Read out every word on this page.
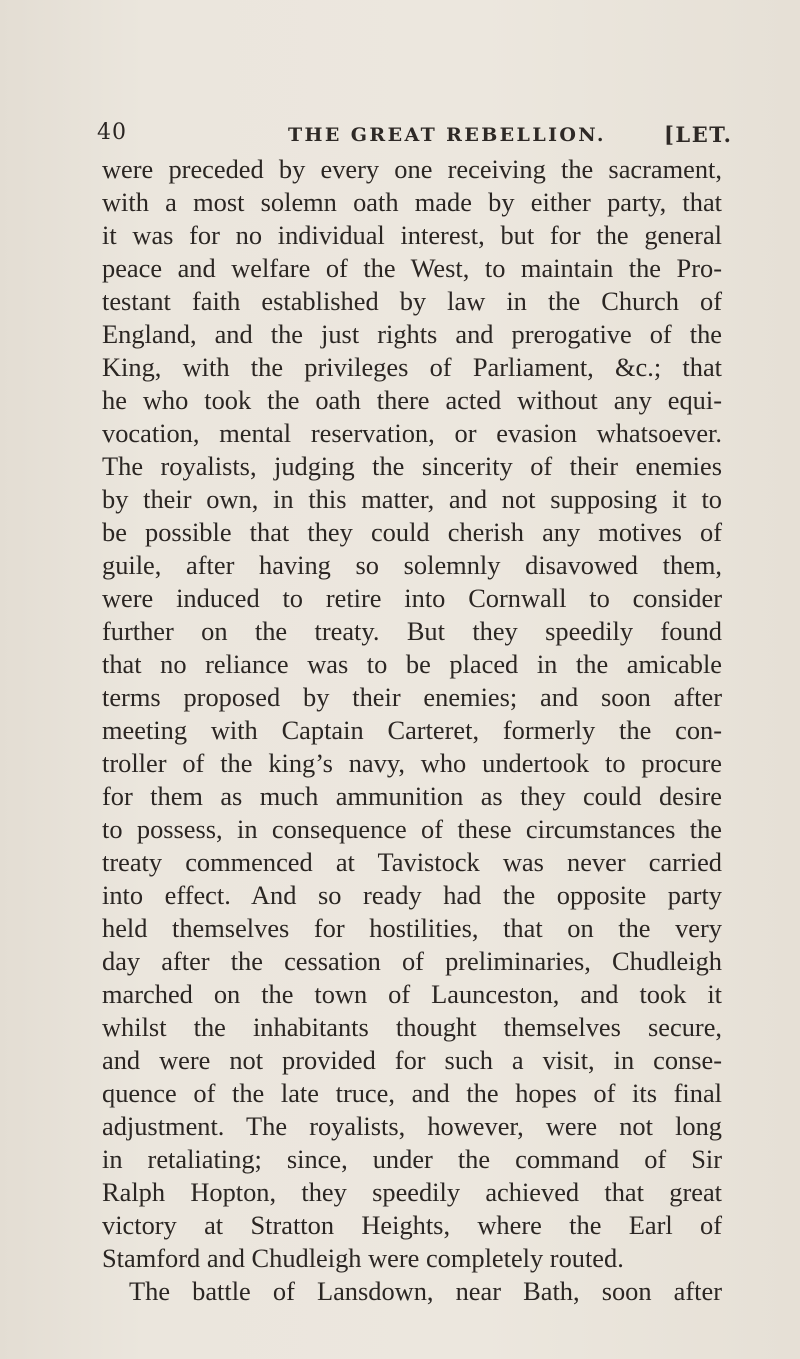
40	THE GREAT REBELLION.	[LET.
were preceded by every one receiving the sacrament,
with a most solemn oath made by either party, that
it was for no individual interest, but for the general
peace and welfare of the West, to maintain the Pro-
testant faith established by law in the Church of
England, and the just rights and prerogative of the
King, with the privileges of Parliament, &c.; that
he who took the oath there acted without any equi-
vocation, mental reservation, or evasion whatsoever.
The royalists, judging the sincerity of their enemies
by their own, in this matter, and not supposing it to
be possible that they could cherish any motives of
guile, after having so solemnly disavowed them,
were induced to retire into Cornwall to consider
further on the treaty. But they speedily found
that no reliance was to be placed in the amicable
terms proposed by their enemies; and soon after
meeting with Captain Carteret, formerly the con-
troller of the king’s navy, who undertook to procure
for them as much ammunition as they could desire
to possess, in consequence of these circumstances the
treaty commenced at Tavistock was never carried
into effect. And so ready had the opposite party
held themselves for hostilities, that on the very
day after the cessation of preliminaries, Chudleigh
marched on the town of Launceston, and took it
whilst the inhabitants thought themselves secure,
and were not provided for such a visit, in conse-
quence of the late truce, and the hopes of its final
adjustment. The royalists, however, were not long
in retaliating; since, under the command of Sir
Ralph Hopton, they speedily achieved that great
victory at Stratton Heights, where the Earl of
Stamford and Chudleigh were completely routed.
The battle of Lansdown, near Bath, soon after
